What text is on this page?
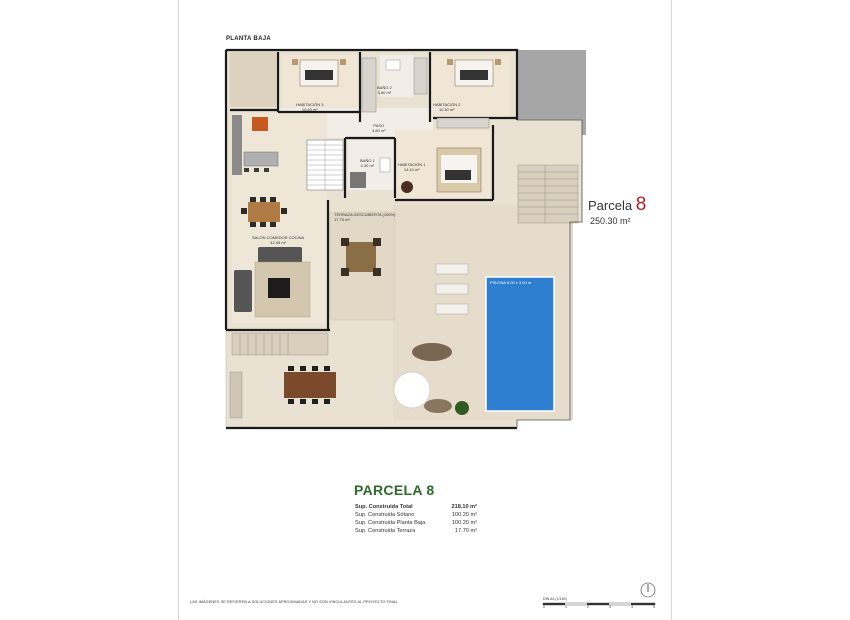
PLANTA BAJA
HABITACIÓN 3
10.60 m²
BAÑO 2
3.60 m²
HABITACIÓN 2
11.30 m²
PASO
3.80 m²
BAÑO 1
4.30 m²	HABITACIÓN 1
14.10 m²
TERRAZA DESCUBIERTA (100%)
17.70 m²
SALÓN COMEDOR COCINA
42.45 m²
PISCINA 6.00 x 3.00 m
Parcela 8
250.30 m²
PARCELA 8
Sup. Construida Total	218.10 m²
Sup. Construida Sótano	100.20 m²
Sup. Construida Planta Baja	100.20 m²
Sup. Construida Terraza	17.70 m²
LAS IMÁGENES SE REFIEREN A SOLUCIONES APROXIMADAS Y NO SON VINCULANTES AL PROYECTO FINAL
DIN A3 (1/150)
0	1	2	3	4	5
